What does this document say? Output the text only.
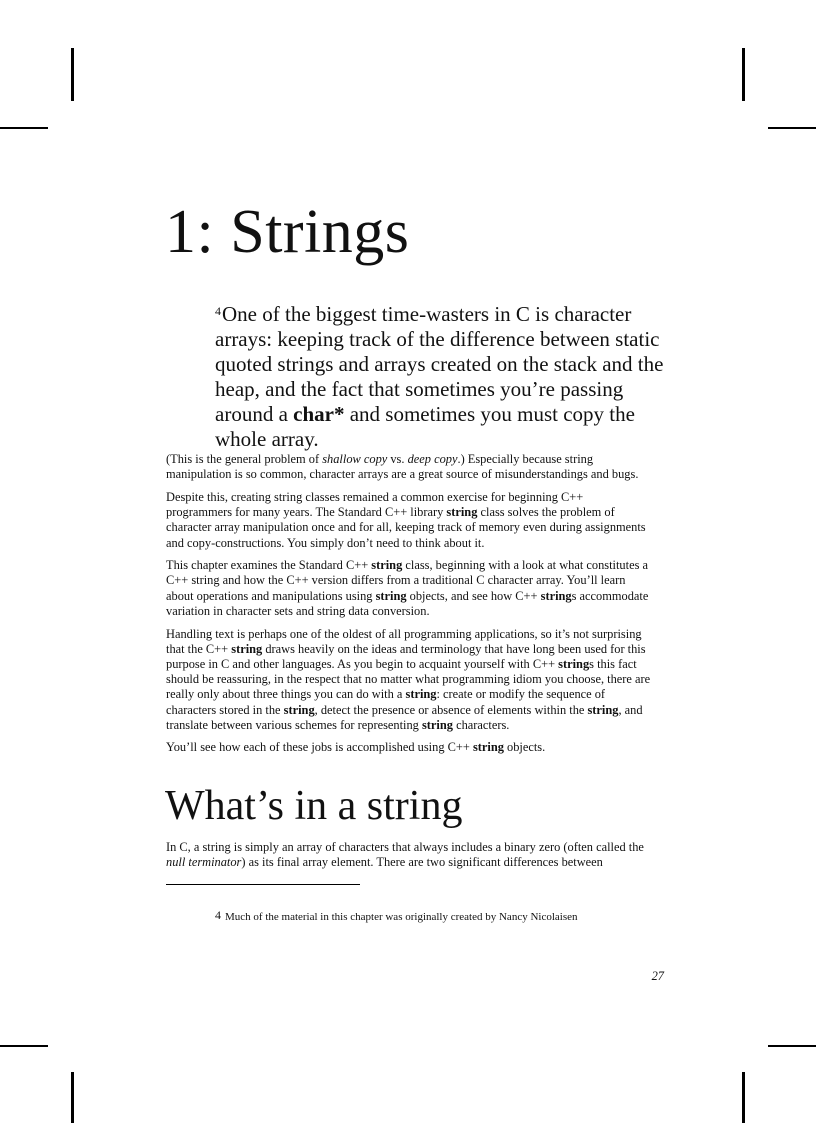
1: Strings

$^4$One of the biggest time-wasters in C is character arrays: keeping track of the difference between static quoted strings and arrays created on the stack and the heap, and the fact that sometimes you’re passing around a char* and sometimes you must copy the whole array.

(This is the general problem of shallow copy vs. deep copy.) Especially because string manipulation is so common, character arrays are a great source of misunderstandings and bugs.

Despite this, creating string classes remained a common exercise for beginning C++ programmers for many years. The Standard C++ library string class solves the problem of character array manipulation once and for all, keeping track of memory even during assignments and copy-constructions. You simply don’t need to think about it.

This chapter examines the Standard C++ string class, beginning with a look at what constitutes a C++ string and how the C++ version differs from a traditional C character array. You’ll learn about operations and manipulations using string objects, and see how C++ strings accommodate variation in character sets and string data conversion.

Handling text is perhaps one of the oldest of all programming applications, so it’s not surprising that the C++ string draws heavily on the ideas and terminology that have long been used for this purpose in C and other languages. As you begin to acquaint yourself with C++ strings this fact should be reassuring, in the respect that no matter what programming idiom you choose, there are really only about three things you can do with a string: create or modify the sequence of characters stored in the string, detect the presence or absence of elements within the string, and translate between various schemes for representing string characters.

You’ll see how each of these jobs is accomplished using C++ string objects.

What’s in a string

In C, a string is simply an array of characters that always includes a binary zero (often called the null terminator) as its final array element. There are two significant differences between

$^4$ Much of the material in this chapter was originally created by Nancy Nicolaisen

27
